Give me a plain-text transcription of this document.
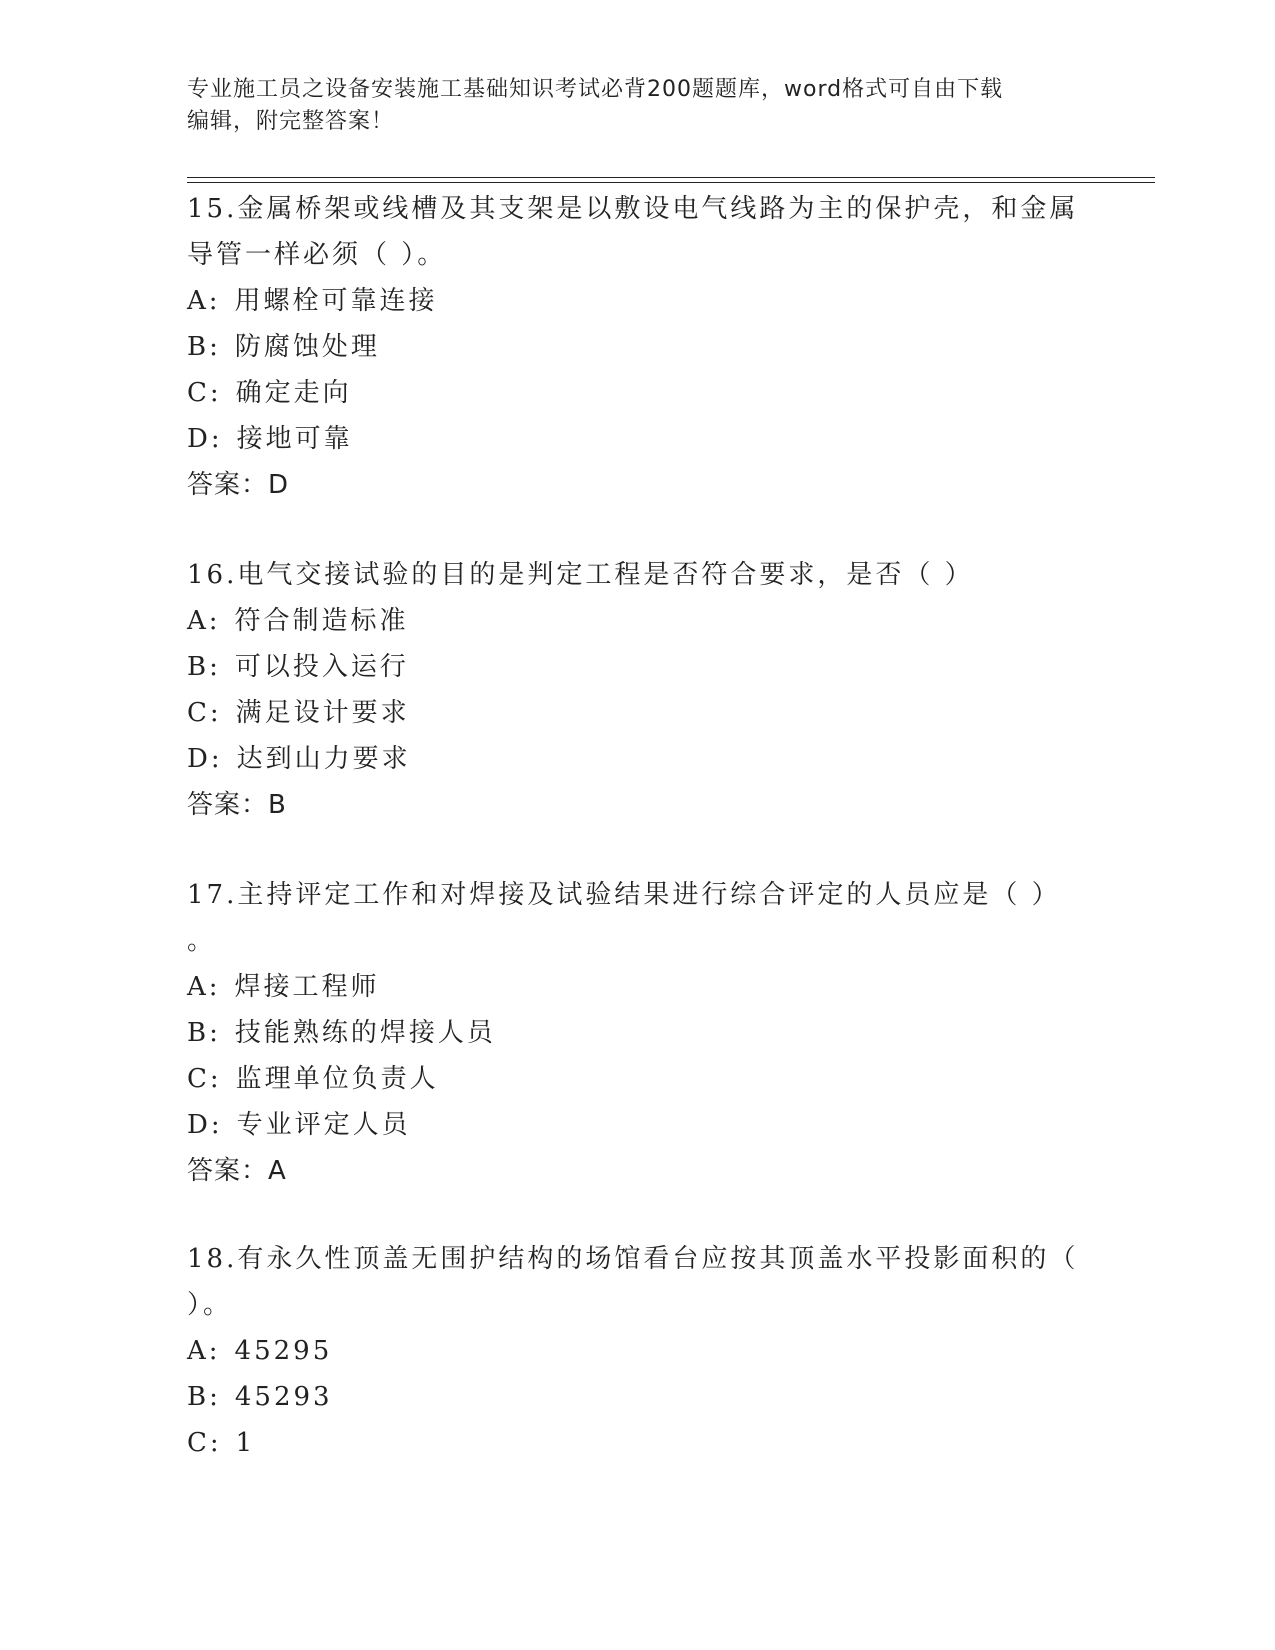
专业施工员之设备安装施工基础知识考试必背200题题库，word格式可自由下载
编辑，附完整答案！
15.金属桥架或线槽及其支架是以敷设电气线路为主的保护壳，和金属
导管一样必须（ ）。
A: 用螺栓可靠连接
B: 防腐蚀处理
C: 确定走向
D: 接地可靠
答案：D
16.电气交接试验的目的是判定工程是否符合要求，是否（ ）
A: 符合制造标准
B: 可以投入运行
C: 满足设计要求
D: 达到山力要求
答案：B
17.主持评定工作和对焊接及试验结果进行综合评定的人员应是（ ）
。
A: 焊接工程师
B: 技能熟练的焊接人员
C: 监理单位负责人
D: 专业评定人员
答案：A
18.有永久性顶盖无围护结构的场馆看台应按其顶盖水平投影面积的（
）。
A: 45295
B: 45293
C: 1
